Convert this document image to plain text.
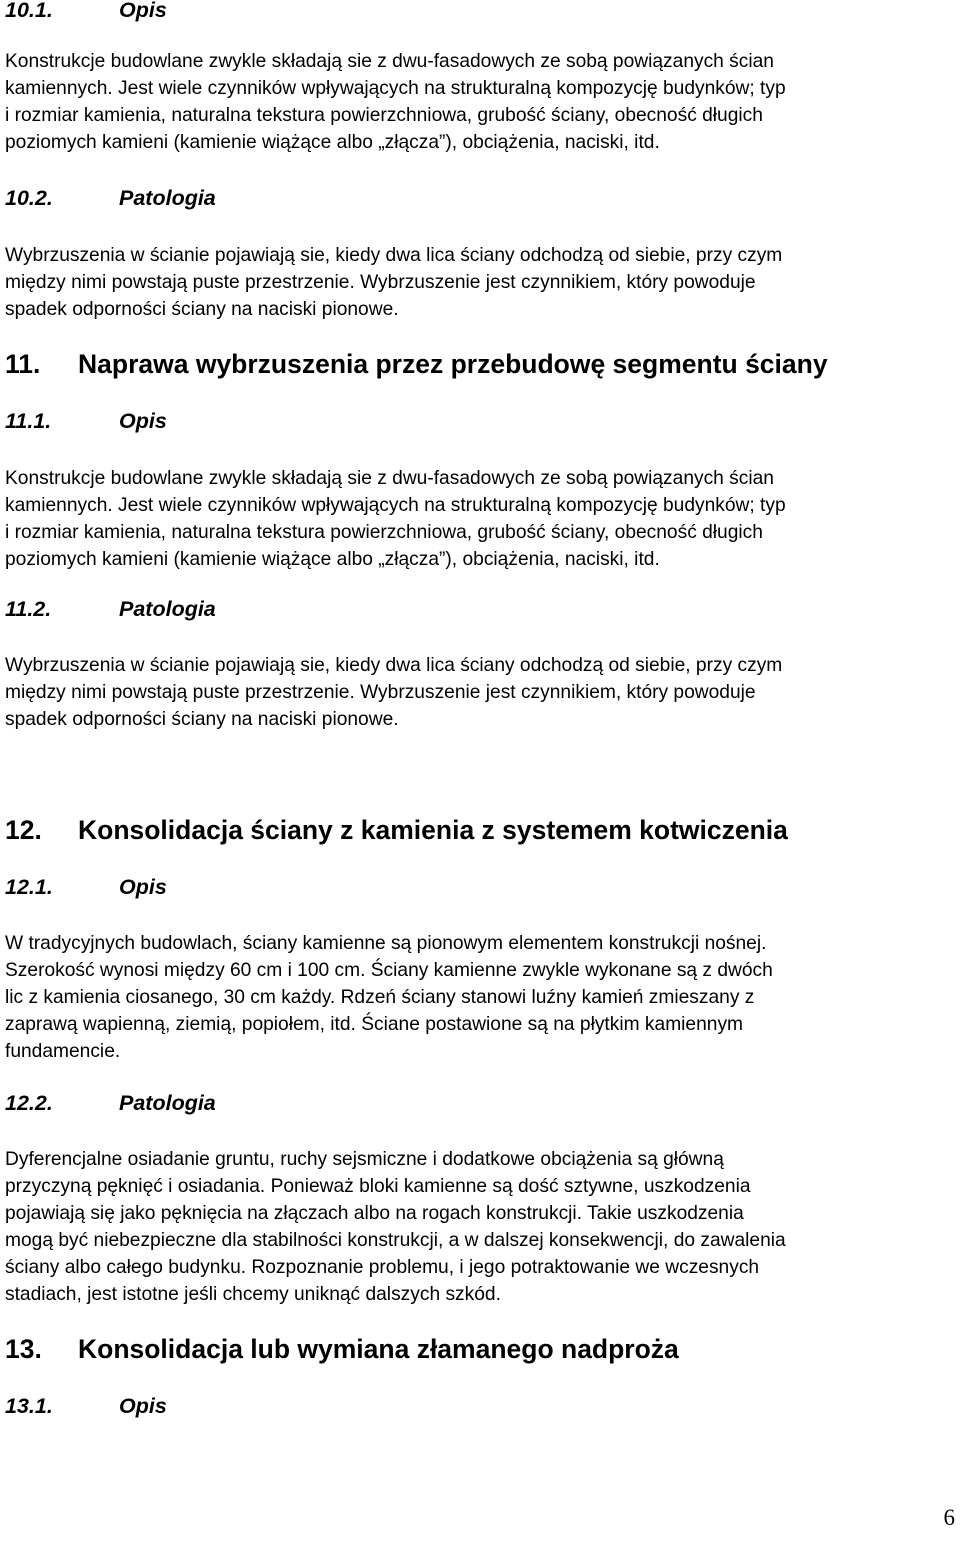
10.1.	Opis
Konstrukcje budowlane zwykle składają sie z dwu-fasadowych ze sobą powiązanych ścian
kamiennych. Jest wiele czynników wpływających na strukturalną kompozycję budynków; typ
i rozmiar kamienia, naturalna tekstura powierzchniowa, grubość ściany, obecność długich
poziomych kamieni (kamienie wiążące albo „złącza”), obciążenia, naciski, itd.
10.2.	Patologia
Wybrzuszenia w ścianie pojawiają sie, kiedy dwa lica ściany odchodzą od siebie, przy czym
między nimi powstają puste przestrzenie. Wybrzuszenie jest czynnikiem, który powoduje
spadek odporności ściany na naciski pionowe.
11. Naprawa wybrzuszenia przez przebudowę segmentu ściany
11.1.	Opis
Konstrukcje budowlane zwykle składają sie z dwu-fasadowych ze sobą powiązanych ścian
kamiennych. Jest wiele czynników wpływających na strukturalną kompozycję budynków; typ
i rozmiar kamienia, naturalna tekstura powierzchniowa, grubość ściany, obecność długich
poziomych kamieni (kamienie wiążące albo „złącza”), obciążenia, naciski, itd.
11.2.	Patologia
Wybrzuszenia w ścianie pojawiają sie, kiedy dwa lica ściany odchodzą od siebie, przy czym
między nimi powstają puste przestrzenie. Wybrzuszenie jest czynnikiem, który powoduje
spadek odporności ściany na naciski pionowe.
12. Konsolidacja ściany z kamienia z systemem kotwiczenia
12.1.	Opis
W tradycyjnych budowlach, ściany kamienne są pionowym elementem konstrukcji nośnej.
Szerokość wynosi między 60 cm i 100 cm. Ściany kamienne zwykle wykonane są z dwóch
lic z kamienia ciosanego, 30 cm każdy. Rdzeń ściany stanowi luźny kamień zmieszany z
zaprawą wapienną, ziemią, popiołem, itd. Ściane postawione są na płytkim kamiennym
fundamencie.
12.2.	Patologia
Dyferencjalne osiadanie gruntu, ruchy sejsmiczne i dodatkowe obciążenia są główną
przyczyną pęknięć i osiadania. Ponieważ bloki kamienne są dość sztywne, uszkodzenia
pojawiają się jako pęknięcia na złączach albo na rogach konstrukcji. Takie uszkodzenia
mogą być niebezpieczne dla stabilności konstrukcji, a w dalszej konsekwencji, do zawalenia
ściany albo całego budynku. Rozpoznanie problemu, i jego potraktowanie we wczesnych
stadiach, jest istotne jeśli chcemy uniknąć dalszych szkód.
13. Konsolidacja lub wymiana złamanego nadproża
13.1.	Opis
6
